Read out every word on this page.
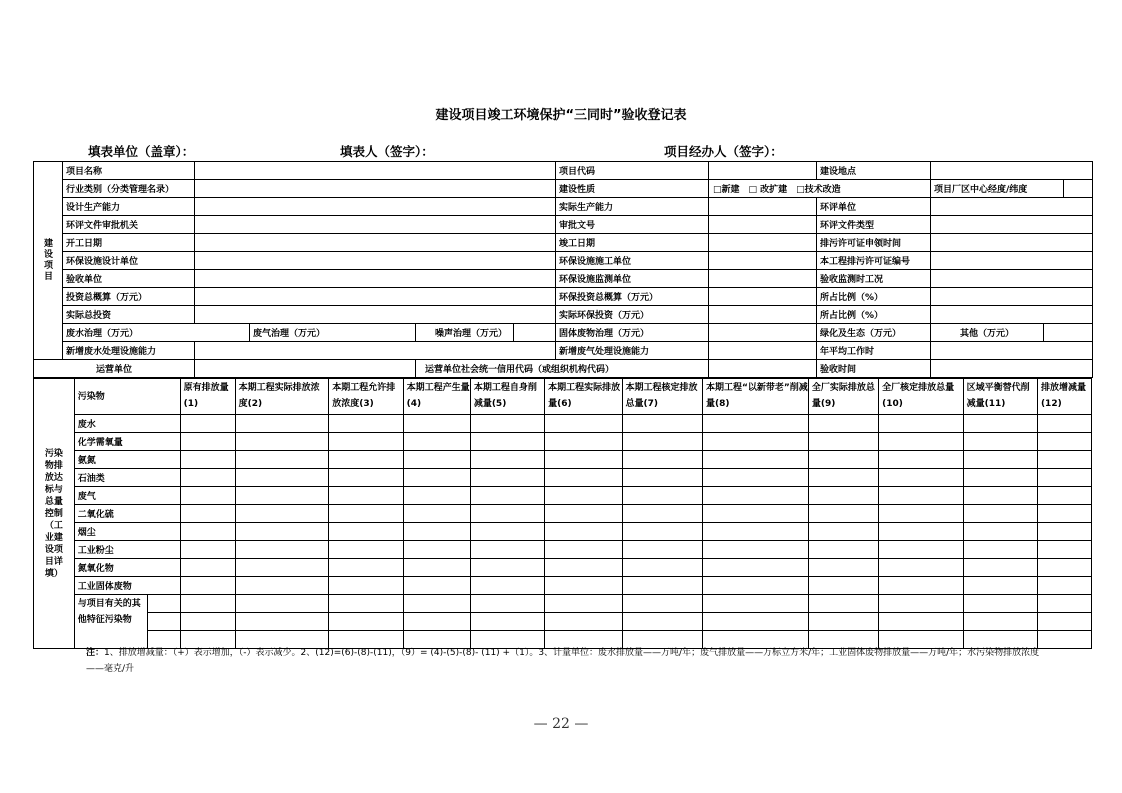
建设项目竣工环境保护“三同时”验收登记表
填表单位（盖章）：	填表人（签字）：	项目经办人（签字）：
建设项目	项目名称					项目代码		建设地点			
	行业类别（分类管理名录）					建设性质	□新建　□ 改扩建　□技术改造		项目厂区中心经度/纬度		
	设计生产能力					实际生产能力		环评单位			
	环评文件审批机关					审批文号		环评文件类型			
	开工日期					竣工日期		排污许可证申领时间			
	环保设施设计单位					环保设施施工单位		本工程排污许可证编号			
	验收单位					环保设施监测单位		验收监测时工况			
	投资总概算（万元）					环保投资总概算（万元）		所占比例（%）			
	实际总投资					实际环保投资（万元）		所占比例（%）			
	废水治理（万元）		废气治理（万元）	噪声治理（万元）		固体废物治理（万元）		绿化及生态（万元）	其他（万元）		
	新增废水处理设施能力					新增废气处理设施能力		年平均工作时			
运营单位				运营单位社会统一信用代码（或组织机构代码）				验收时间			
污染物排放达标与总量控制（工业建设项目详填）	污染物		原有排放量(1)	本期工程实际排放浓度(2)	本期工程允许排放浓度(3)	本期工程产生量(4)	本期工程自身削减量(5)	本期工程实际排放量(6)	本期工程核定排放总量(7)	本期工程“以新带老”削减量(8)	全厂实际排放总量(9)	全厂核定排放总量(10)	区域平衡替代削减量(11)	排放增减量(12)
	废水													
	化学需氧量													
	氨氮													
	石油类													
	废气													
	二氧化硫													
	烟尘													
	工业粉尘													
	氮氧化物													
	工业固体废物													
	与项目有关的其他特征污染物													

注：1、排放增减量：（+）表示增加，（-）表示减少。2、(12)=(6)-(8)-(11)，（9）= (4)-(5)-(8)- (11) +（1）。3、计量单位：废水排放量——万吨/年；废气排放量——万标立方米/年；工业固体废物排放量——万吨/年；水污染物排放浓度——毫克/升
— 22 —
